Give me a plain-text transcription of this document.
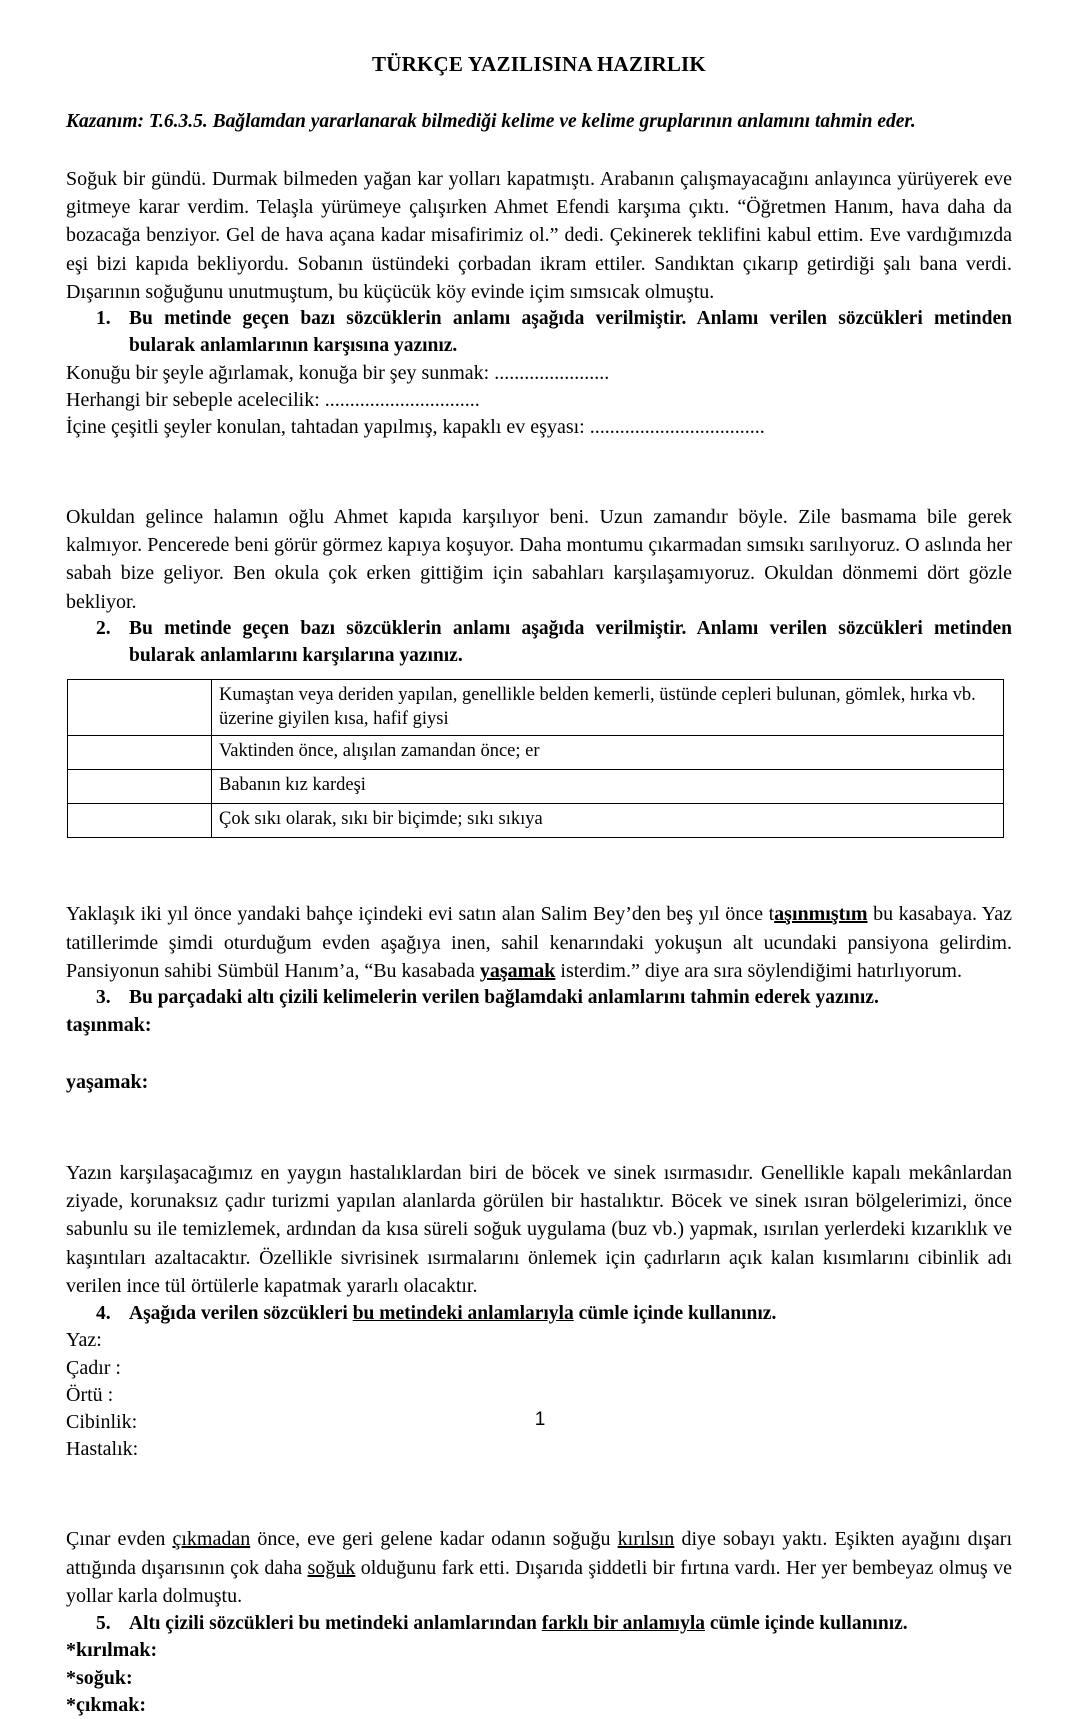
TÜRKÇE YAZILISINA HAZIRLIK

Kazanım: T.6.3.5. Bağlamdan yararlanarak bilmediği kelime ve kelime gruplarının anlamını tahmin eder.

Soğuk bir gündü. Durmak bilmeden yağan kar yolları kapatmıştı. Arabanın çalışmayacağını anlayınca yürüyerek eve gitmeye karar verdim. Telaşla yürümeye çalışırken Ahmet Efendi karşıma çıktı. “Öğretmen Hanım, hava daha da bozacağa benziyor. Gel de hava açana kadar misafirimiz ol.” dedi. Çekinerek teklifini kabul ettim. Eve vardığımızda eşi bizi kapıda bekliyordu. Sobanın üstündeki çorbadan ikram ettiler. Sandıktan çıkarıp getirdiği şalı bana verdi. Dışarının soğuğunu unutmuştum, bu küçücük köy evinde içim sımsıcak olmuştu.

1. Bu metinde geçen bazı sözcüklerin anlamı aşağıda verilmiştir. Anlamı verilen sözcükleri metinden bularak anlamlarının karşısına yazınız.

Konuğu bir şeyle ağırlamak, konuğa bir şey sunmak: .......................

Herhangi bir sebeple acelecilik: ...............................

İçine çeşitli şeyler konulan, tahtadan yapılmış, kapaklı ev eşyası: ...................................

Okuldan gelince halamın oğlu Ahmet kapıda karşılıyor beni. Uzun zamandır böyle. Zile basmama bile gerek kalmıyor. Pencerede beni görür görmez kapıya koşuyor. Daha montumu çıkarmadan sımsıkı sarılıyoruz. O aslında her sabah bize geliyor. Ben okula çok erken gittiğim için sabahları karşılaşamıyoruz. Okuldan dönmemi dört gözle bekliyor.

2. Bu metinde geçen bazı sözcüklerin anlamı aşağıda verilmiştir. Anlamı verilen sözcükleri metinden bularak anlamlarını karşılarına yazınız.

	Kumaştan veya deriden yapılan, genellikle belden kemerli, üstünde cepleri bulunan, gömlek, hırka vb. üzerine giyilen kısa, hafif giysi
	Vaktinden önce, alışılan zamandan önce; er
	Babanın kız kardeşi
	Çok sıkı olarak, sıkı bir biçimde; sıkı sıkıya

Yaklaşık iki yıl önce yandaki bahçe içindeki evi satın alan Salim Bey’den beş yıl önce taşınmıştım bu kasabaya. Yaz tatillerimde şimdi oturduğum evden aşağıya inen, sahil kenarındaki yokuşun alt ucundaki pansiyona gelirdim. Pansiyonun sahibi Sümbül Hanım’a, “Bu kasabada yaşamak isterdim.” diye ara sıra söylendiğimi hatırlıyorum.

3. Bu parçadaki altı çizili kelimelerin verilen bağlamdaki anlamlarını tahmin ederek yazınız.

taşınmak:

yaşamak:

Yazın karşılaşacağımız en yaygın hastalıklardan biri de böcek ve sinek ısırmasıdır. Genellikle kapalı mekânlardan ziyade, korunaksız çadır turizmi yapılan alanlarda görülen bir hastalıktır. Böcek ve sinek ısıran bölgelerimizi, önce sabunlu su ile temizlemek, ardından da kısa süreli soğuk uygulama (buz vb.) yapmak, ısırılan yerlerdeki kızarıklık ve kaşıntıları azaltacaktır. Özellikle sivrisinek ısırmalarını önlemek için çadırların açık kalan kısımlarını cibinlik adı verilen ince tül örtülerle kapatmak yararlı olacaktır.

4. Aşağıda verilen sözcükleri bu metindeki anlamlarıyla cümle içinde kullanınız.

Yaz:

Çadır :

Örtü :

Cibinlik:

Hastalık:

Çınar evden çıkmadan önce, eve geri gelene kadar odanın soğuğu kırılsın diye sobayı yaktı. Eşikten ayağını dışarı attığında dışarısının çok daha soğuk olduğunu fark etti. Dışarıda şiddetli bir fırtına vardı. Her yer bembeyaz olmuş ve yollar karla dolmuştu.

5. Altı çizili sözcükleri bu metindeki anlamlarından farklı bir anlamıyla cümle içinde kullanınız.

*kırılmak:

*soğuk:

*çıkmak:

1
